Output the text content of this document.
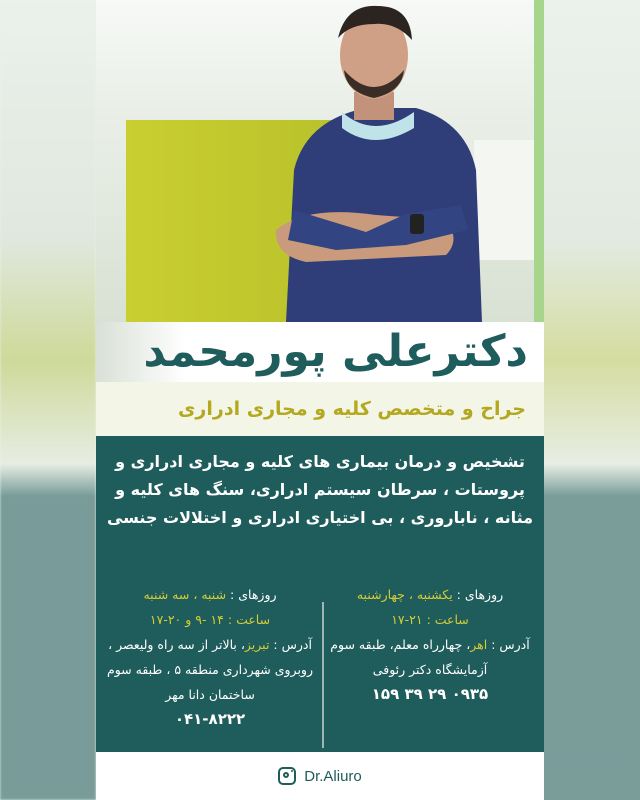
دکترعلی پورمحمد
جراح و متخصص کلیه و مجاری ادراری
تشخیص و درمان بیماری های کلیه و مجاری ادراری و پروستات ، سرطان سیستم ادراری، سنگ های کلیه و مثانه ، ناباروری ، بی اختیاری ادراری و اختلالات جنسی
روزهای : یکشنبه ، چهارشنبه
ساعت : ۲۱-۱۷
آدرس : اهر، چهارراه معلم، طبقه سوم آزمایشگاه دکتر رئوفی
۰۹۳۵ ۲۹ ۳۹ ۱۵۹
روزهای : شنبه ، سه شنبه
ساعت : ۱۴ -۹ و ۲۰-۱۷
آدرس : تبریز، بالاتر از سه راه ولیعصر ، روبروی شهرداری منطقه ۵ ، طبقه سوم ساختمان دانا مهر
۰۴۱-۸۲۲۲
Dr.Aliuro
